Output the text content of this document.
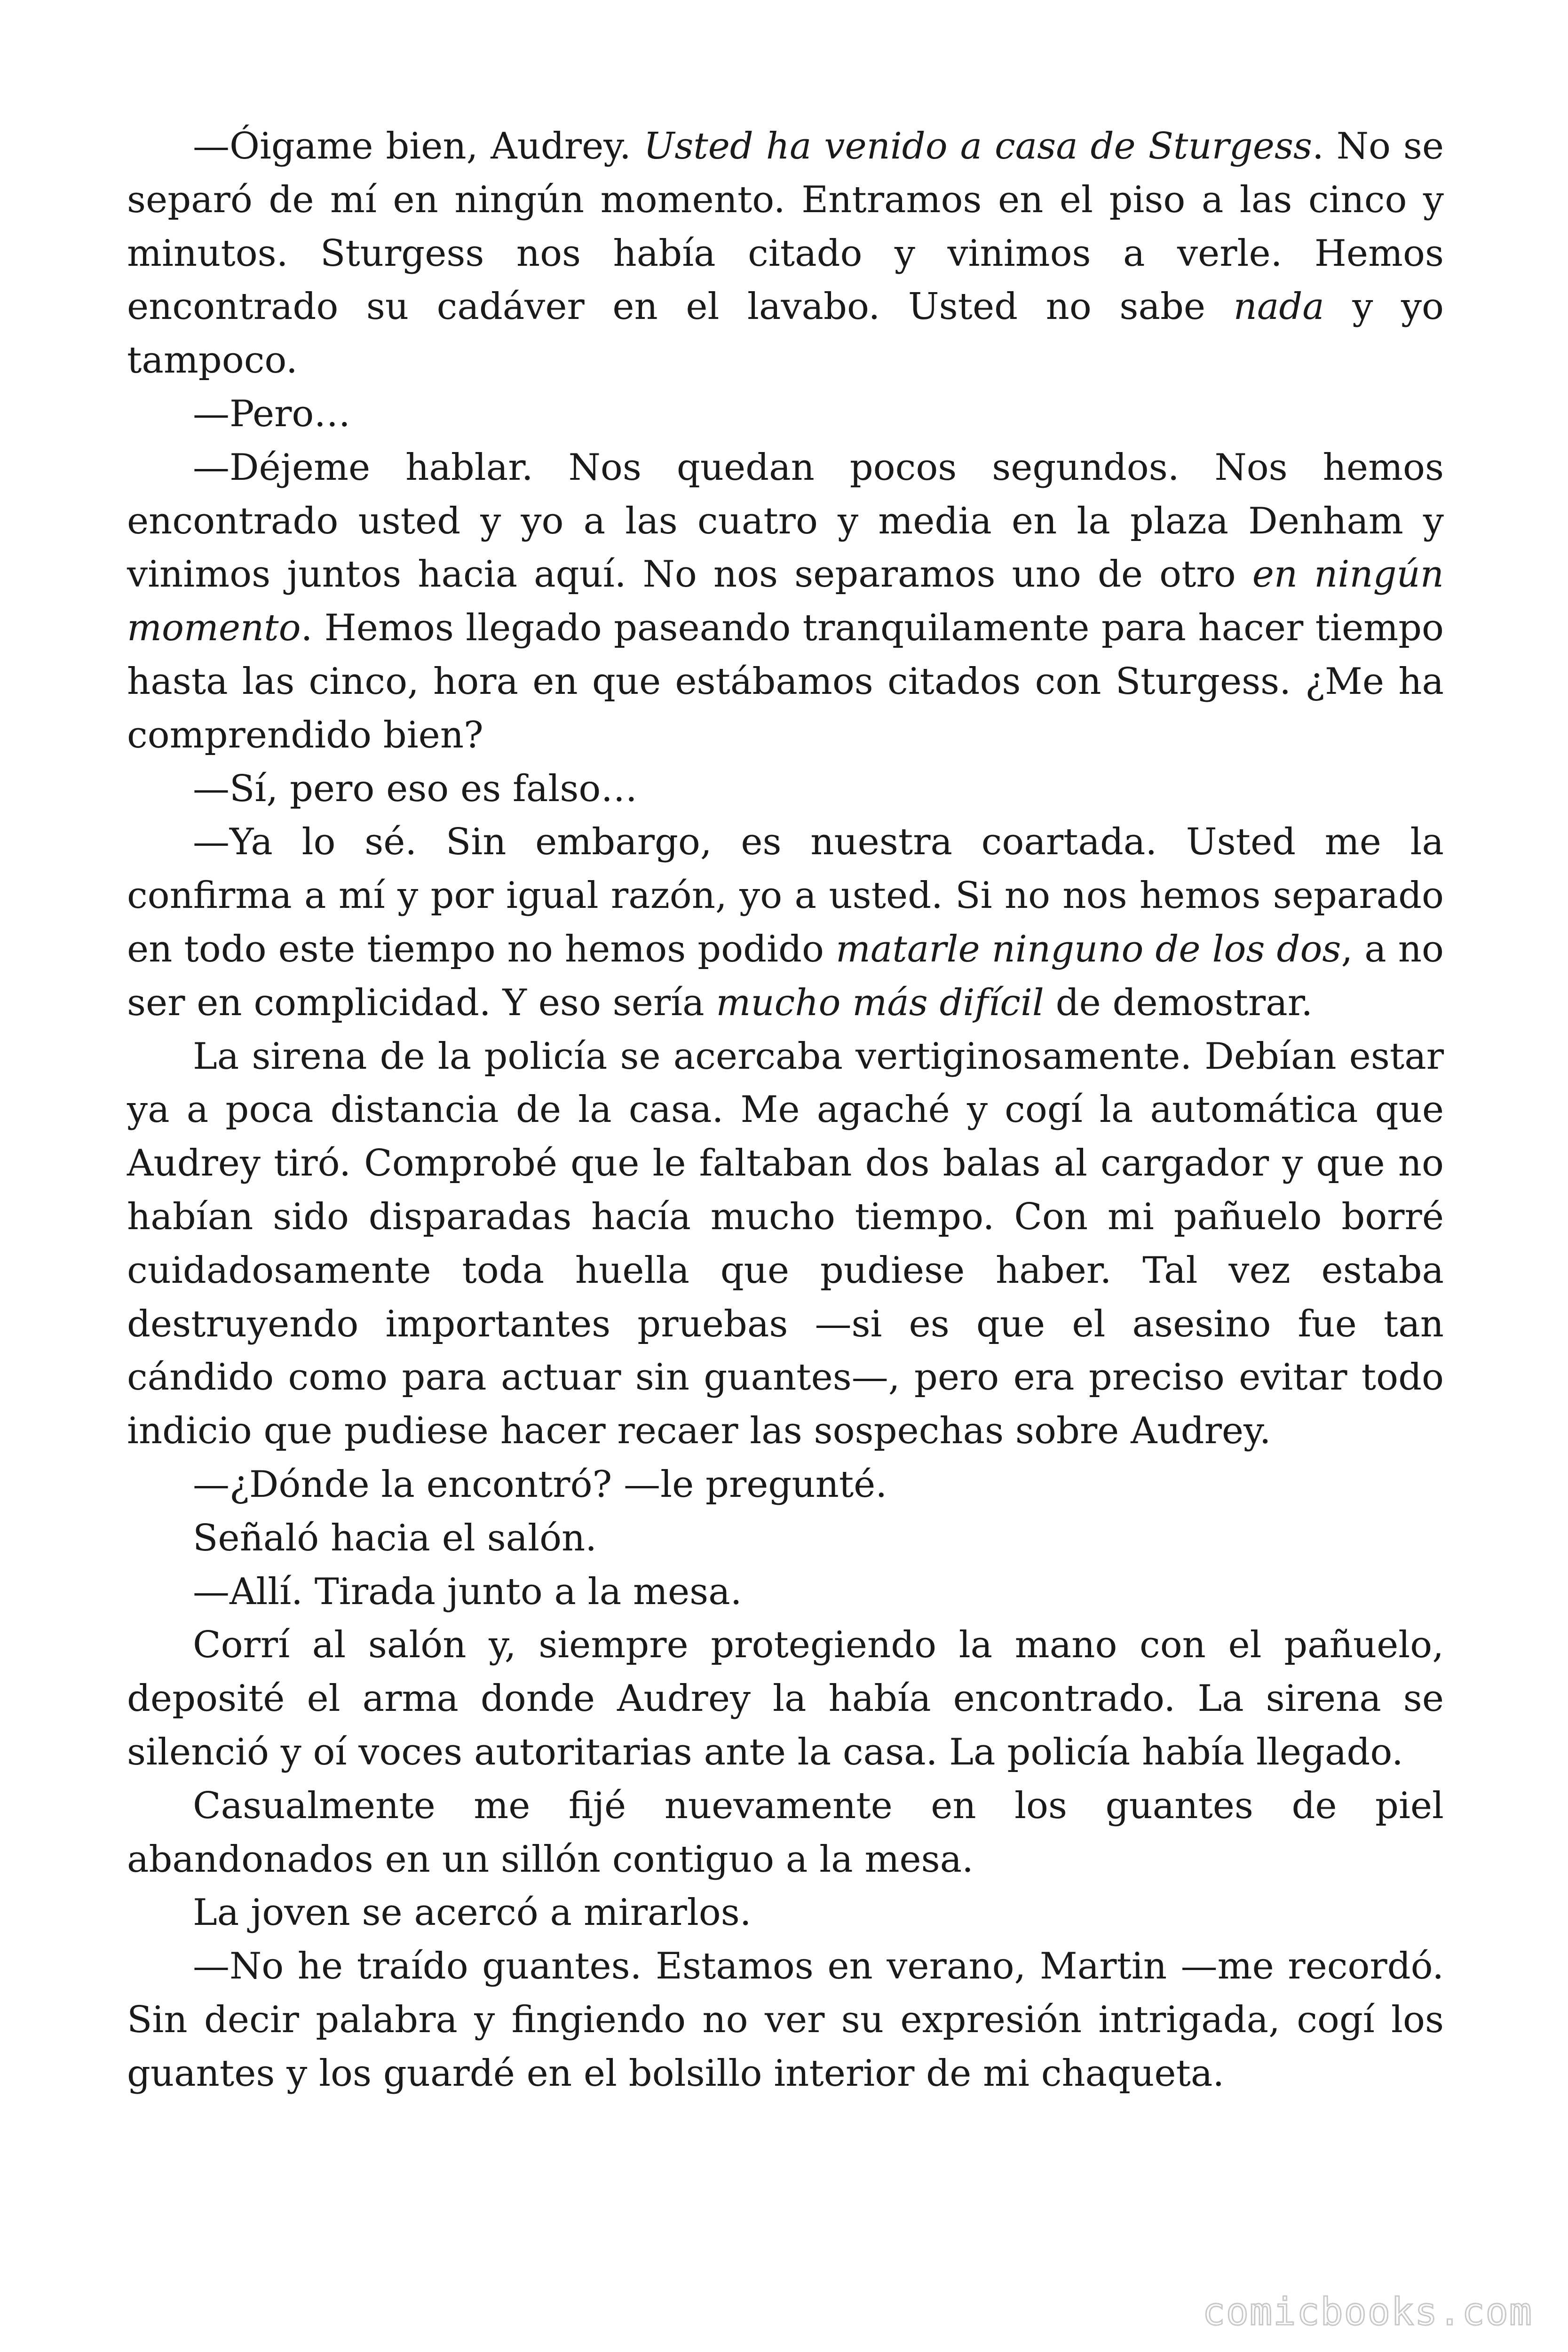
—Óigame bien, Audrey. Usted ha venido a casa de Sturgess. No se separó de mí en ningún momento. Entramos en el piso a las cinco y minutos. Sturgess nos había citado y vinimos a verle. Hemos encontrado su cadáver en el lavabo. Usted no sabe nada y yo tampoco.

—Pero…

—Déjeme hablar. Nos quedan pocos segundos. Nos hemos encontrado usted y yo a las cuatro y media en la plaza Denham y vinimos juntos hacia aquí. No nos separamos uno de otro en ningún momento. Hemos llegado paseando tranquilamente para hacer tiempo hasta las cinco, hora en que estábamos citados con Sturgess. ¿Me ha comprendido bien?

—Sí, pero eso es falso…

—Ya lo sé. Sin embargo, es nuestra coartada. Usted me la confirma a mí y por igual razón, yo a usted. Si no nos hemos separado en todo este tiempo no hemos podido matarle ninguno de los dos, a no ser en complicidad. Y eso sería mucho más difícil de demostrar.

La sirena de la policía se acercaba vertiginosamente. Debían estar ya a poca distancia de la casa. Me agaché y cogí la automática que Audrey tiró. Comprobé que le faltaban dos balas al cargador y que no habían sido disparadas hacía mucho tiempo. Con mi pañuelo borré cuidadosamente toda huella que pudiese haber. Tal vez estaba destruyendo importantes pruebas —si es que el asesino fue tan cándido como para actuar sin guantes—, pero era preciso evitar todo indicio que pudiese hacer recaer las sospechas sobre Audrey.

—¿Dónde la encontró? —le pregunté.

Señaló hacia el salón.

—Allí. Tirada junto a la mesa.

Corrí al salón y, siempre protegiendo la mano con el pañuelo, deposité el arma donde Audrey la había encontrado. La sirena se silenció y oí voces autoritarias ante la casa. La policía había llegado.

Casualmente me fijé nuevamente en los guantes de piel abandonados en un sillón contiguo a la mesa.

La joven se acercó a mirarlos.

—No he traído guantes. Estamos en verano, Martin —me recordó. Sin decir palabra y fingiendo no ver su expresión intrigada, cogí los guantes y los guardé en el bolsillo interior de mi chaqueta.

comicbooks.com
